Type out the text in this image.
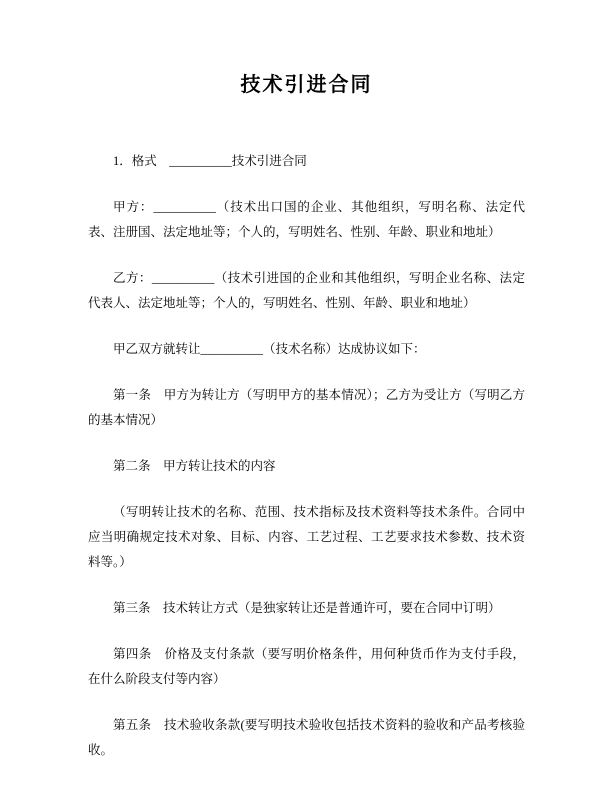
技术引进合同

1．格式　__________技术引进合同

甲方：__________（技术出口国的企业、其他组织，写明名称、法定代表、注册国、法定地址等；个人的，写明姓名、性别、年龄、职业和地址）

乙方：__________（技术引进国的企业和其他组织，写明企业名称、法定代表人、法定地址等；个人的，写明姓名、性别、年龄、职业和地址）

甲乙双方就转让__________（技术名称）达成协议如下：

第一条　甲方为转让方（写明甲方的基本情况）；乙方为受让方（写明乙方的基本情况）

第二条　甲方转让技术的内容

（写明转让技术的名称、范围、技术指标及技术资料等技术条件。合同中应当明确规定技术对象、目标、内容、工艺过程、工艺要求技术参数、技术资料等。）

第三条　技术转让方式（是独家转让还是普通许可，要在合同中订明）

第四条　价格及支付条款（要写明价格条件，用何种货币作为支付手段，在什么阶段支付等内容）

第五条　技术验收条款(要写明技术验收包括技术资料的验收和产品考核验收。
